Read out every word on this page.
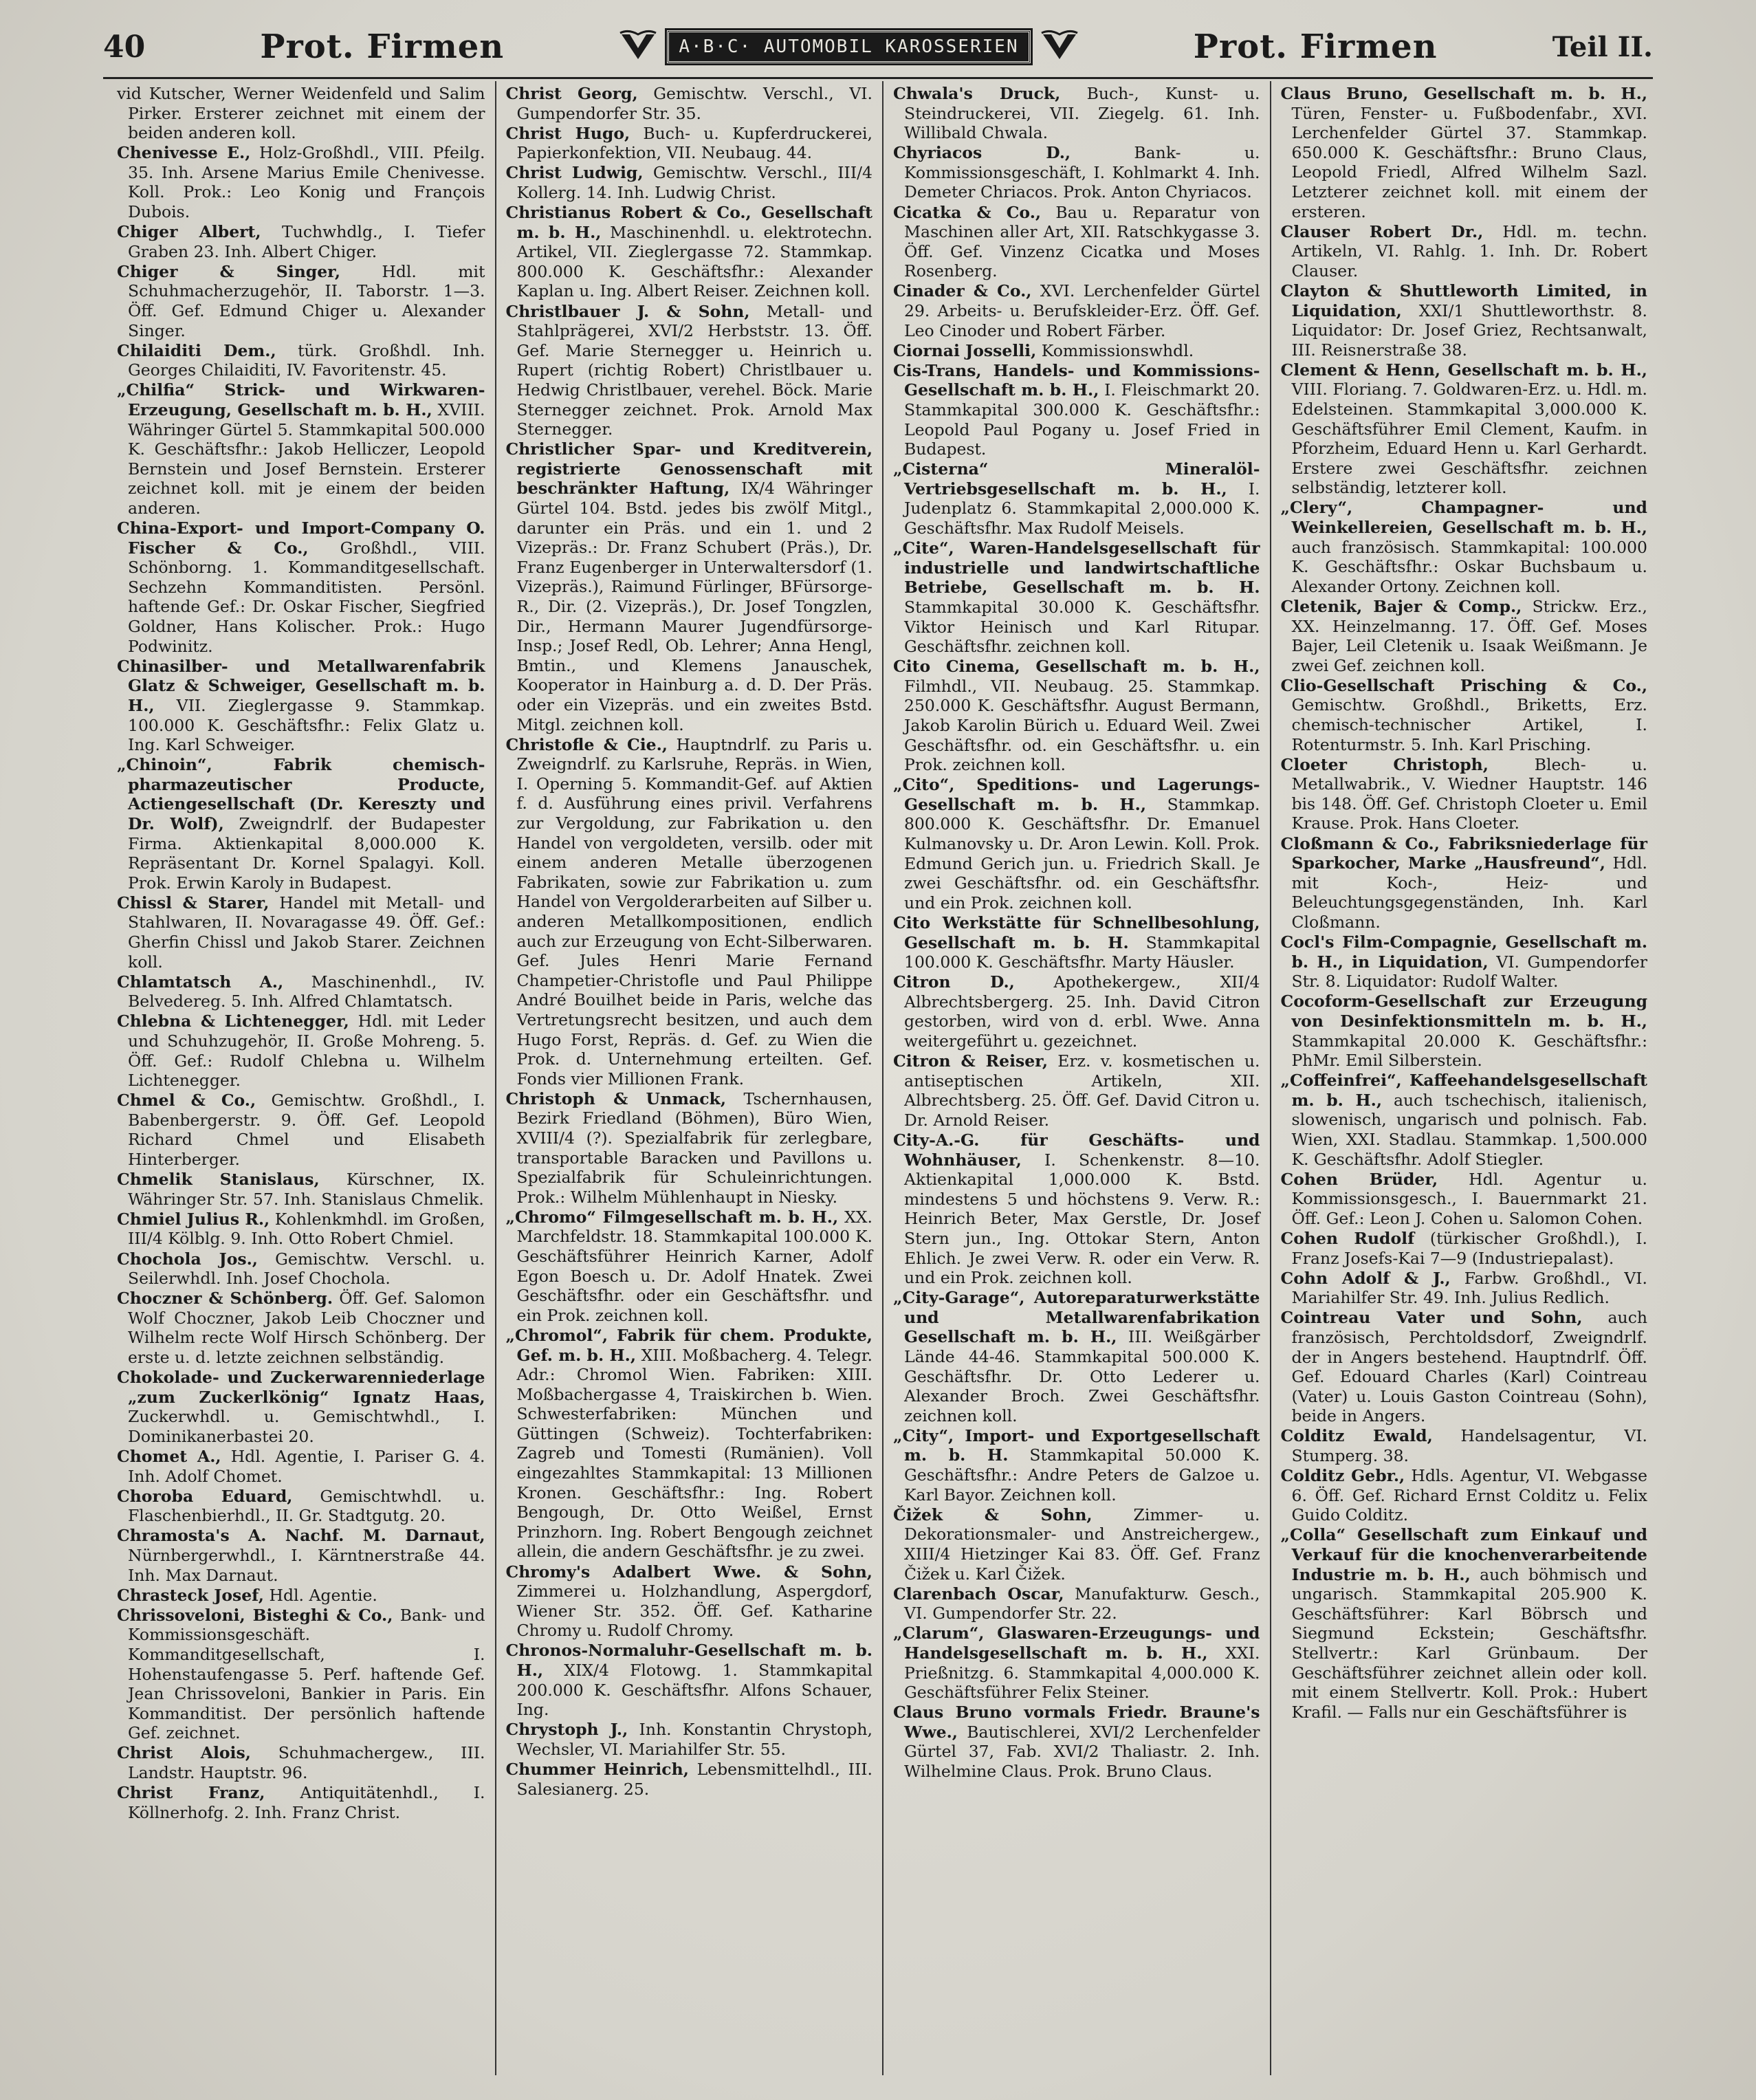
40	Prot. Firmen	A·B·C· AUTOMOBIL KAROSSERIEN	Prot. Firmen	Teil II.

vid Kutscher, Werner Weidenfeld und Salim Pirker. Ersterer zeichnet mit einem der beiden anderen koll.

Chenivesse E., Holz-Großhdl., VIII. Pfeilg. 35. Inh. Arsene Marius Emile Chenivesse. Koll. Prok.: Leo Konig und François Dubois.

Chiger Albert, Tuchwhdlg., I. Tiefer Graben 23. Inh. Albert Chiger.

Chiger & Singer,	Hdl. mit Schuhmacherzugehör, II. Taborstr. 1—3. Öff. Gef. Edmund Chiger u. Alexander Singer.

Chilaiditi Dem., türk. Großhdl. Inh. Georges Chilaiditi, IV. Favoritenstr. 45.

„Chilfia“ Strick- und Wirkwaren-Erzeugung, Gesellschaft m. b. H., XVIII. Währinger Gürtel 5. Stammkapital 500.000 K. Geschäftsfhr.: Jakob Helliczer, Leopold Bernstein und Josef Bernstein. Ersterer zeichnet koll. mit je einem der beiden anderen.

China-Export- und Import-Company O. Fischer & Co., Großhdl., VIII. Schönborng. 1. Kommanditgesellschaft. Sechzehn Kommanditisten. Persönl. haftende Gef.: Dr. Oskar Fischer, Siegfried Goldner, Hans Kolischer. Prok.: Hugo Podwinitz.

Chinasilber- und Metallwarenfabrik Glatz & Schweiger, Gesellschaft m. b. H., VII. Zieglergasse 9. Stammkap. 100.000 K. Geschäftsfhr.: Felix Glatz u. Ing. Karl Schweiger.

„Chinoin“, Fabrik chemisch-pharmazeutischer Producte, Actiengesellschaft (Dr. Kereszty und Dr. Wolf), Zweigndrlf. der Budapester Firma. Aktienkapital 8,000.000 K. Repräsentant Dr. Kornel Spalagyi. Koll. Prok. Erwin Karoly in Budapest.

Chissl & Starer, Handel mit Metall- und Stahlwaren, II. Novaragasse 49. Öff. Gef.: Gherfin Chissl und Jakob Starer. Zeichnen koll.

Chlamtatsch A., Maschinenhdl., IV. Belvedereg. 5. Inh. Alfred Chlamtatsch.

Chlebna & Lichtenegger, Hdl. mit Leder und Schuhzugehör, II. Große Mohreng. 5. Öff. Gef.: Rudolf Chlebna u. Wilhelm Lichtenegger.

Chmel & Co., Gemischtw. Großhdl., I. Babenbergerstr. 9. Öff. Gef. Leopold Richard Chmel und Elisabeth Hinterberger.

Chmelik Stanislaus, Kürschner, IX. Währinger Str. 57. Inh. Stanislaus Chmelik.

Chmiel Julius R., Kohlenkmhdl. im Großen, III/4 Kölblg. 9. Inh. Otto Robert Chmiel.

Chochola Jos., Gemischtw. Verschl. u. Seilerwhdl. Inh. Josef Chochola.

Choczner & Schönberg. Öff. Gef. Salomon Wolf Choczner, Jakob Leib Choczner und Wilhelm recte Wolf Hirsch Schönberg. Der erste u. d. letzte zeichnen selbständig.

Chokolade- und Zuckerwarenniederlage „zum Zuckerlkönig“ Ignatz Haas, Zuckerwhdl. u. Gemischtwhdl., I. Dominikanerbastei 20.

Chomet A., Hdl. Agentie, I. Pariser G. 4. Inh. Adolf Chomet.

Choroba Eduard, Gemischtwhdl. u. Flaschenbierhdl., II. Gr. Stadtgutg. 20.

Chramosta's A. Nachf. M. Darnaut, Nürnbergerwhdl., I. Kärntnerstraße 44. Inh. Max Darnaut.

Chrasteck Josef, Hdl. Agentie.

Chrissoveloni, Bisteghi & Co., Bank- und Kommissionsgeschäft. Kommanditgesellschaft, I. Hohenstaufengasse 5. Perf. haftende Gef. Jean Chrissoveloni, Bankier in Paris. Ein Kommanditist. Der persönlich haftende Gef. zeichnet.

Christ Alois, Schuhmachergew., III. Landstr. Hauptstr. 96.

Christ Franz, Antiquitätenhdl., I. Köllnerhofg. 2. Inh. Franz Christ.

Christ Georg, Gemischtw. Verschl., VI. Gumpendorfer Str. 35.

Christ Hugo, Buch- u. Kupferdruckerei, Papierkonfektion, VII. Neubaug. 44.

Christ Ludwig, Gemischtw. Verschl., III/4 Kollerg. 14. Inh. Ludwig Christ.

Christianus Robert & Co., Gesellschaft m. b. H., Maschinenhdl. u. elektrotechn. Artikel, VII. Zieglergasse 72. Stammkap. 800.000 K. Geschäftsfhr.: Alexander Kaplan u. Ing. Albert Reiser. Zeichnen koll.

Christlbauer J. & Sohn, Metall- und Stahlprägerei, XVI/2 Herbststr. 13. Öff. Gef. Marie Sternegger u. Heinrich u. Rupert (richtig Robert) Christlbauer u. Hedwig Christlbauer, verehel. Böck. Marie Sternegger zeichnet. Prok. Arnold Max Sternegger.

Christlicher Spar- und Kreditverein, registrierte Genossenschaft mit beschränkter Haftung, IX/4 Währinger Gürtel 104. Bstd. jedes bis zwölf Mitgl., darunter ein Präs. und ein 1. und 2 Vizepräs.: Dr. Franz Schubert (Präs.), Dr. Franz Eugenberger in Unterwaltersdorf (1. Vizepräs.), Raimund Fürlinger, BFürsorge-R., Dir. (2. Vizepräs.), Dr. Josef Tongzlen, Dir., Hermann Maurer Jugendfürsorge-Insp.; Josef Redl, Ob. Lehrer; Anna Hengl, Bmtin., und Klemens Janauschek, Kooperator in Hainburg a. d. D. Der Präs. oder ein Vizepräs. und ein zweites Bstd. Mitgl. zeichnen koll.

Christofle & Cie., Hauptndrlf. zu Paris u. Zweigndrlf. zu Karlsruhe, Repräs. in Wien, I. Operning 5. Kommandit-Gef. auf Aktien f. d. Ausführung eines privil. Verfahrens zur Vergoldung, zur Fabrikation u. den Handel von vergoldeten, versilb. oder mit einem anderen Metalle überzogenen Fabrikaten, sowie zur Fabrikation u. zum Handel von Vergolderarbeiten auf Silber u. anderen Metallkompositionen, endlich auch zur Erzeugung von Echt-Silberwaren. Gef. Jules Henri Marie Fernand Champetier-Christofle und Paul Philippe André Bouilhet beide in Paris, welche das Vertretungsrecht besitzen, und auch dem Hugo Forst, Repräs. d. Gef. zu Wien die Prok. d. Unternehmung erteilten. Gef. Fonds vier Millionen Frank.

Christoph & Unmack, Tschernhausen, Bezirk Friedland (Böhmen), Büro Wien, XVIII/4 (?). Spezialfabrik für zerlegbare, transportable Baracken und Pavillons u. Spezialfabrik für Schuleinrichtungen. Prok.: Wilhelm Mühlenhaupt in Niesky.

„Chromo“ Filmgesellschaft m. b. H., XX. Marchfeldstr. 18. Stammkapital 100.000 K. Geschäftsführer Heinrich Karner, Adolf Egon Boesch u. Dr. Adolf Hnatek. Zwei Geschäftsfhr. oder ein Geschäftsfhr. und ein Prok. zeichnen koll.

„Chromol“, Fabrik für chem. Produkte, Gef. m. b. H., XIII. Moßbacherg. 4. Telegr. Adr.: Chromol Wien. Fabriken: XIII. Moßbachergasse 4, Traiskirchen b. Wien. Schwesterfabriken: München und Güttingen (Schweiz). Tochterfabriken: Zagreb und Tomesti (Rumänien). Voll eingezahltes Stammkapital: 13 Millionen Kronen. Geschäftsfhr.: Ing. Robert Bengough, Dr. Otto Weißel, Ernst Prinzhorn. Ing. Robert Bengough zeichnet allein, die andern Geschäftsfhr. je zu zwei.

Chromy's Adalbert Wwe. & Sohn, Zimmerei u. Holzhandlung, Aspergdorf, Wiener Str. 352. Öff. Gef. Katharine Chromy u. Rudolf Chromy.

Chronos-Normaluhr-Gesellschaft m. b. H., XIX/4 Flotowg. 1. Stammkapital 200.000 K. Geschäftsfhr. Alfons Schauer, Ing.

Chrystoph J., Inh. Konstantin Chrystoph, Wechsler, VI. Mariahilfer Str. 55.

Chummer Heinrich, Lebensmittelhdl., III. Salesianerg. 25.

Chwala's Druck, Buch-, Kunst- u. Steindruckerei, VII. Ziegelg. 61. Inh. Willibald Chwala.

Chyriacos D.,	Bank- u. Kommissionsgeschäft, I. Kohlmarkt 4. Inh. Demeter Chriacos. Prok. Anton Chyriacos.

Cicatka & Co., Bau u. Reparatur von Maschinen aller Art, XII. Ratschkygasse 3. Öff. Gef. Vinzenz Cicatka und Moses Rosenberg.

Cinader & Co., XVI. Lerchenfelder Gürtel 29. Arbeits- u. Berufskleider-Erz. Öff. Gef. Leo Cinoder und Robert Färber.

Ciornai Josselli, Kommissionswhdl.

Cis-Trans, Handels- und Kommissions-Gesellschaft m. b. H., I. Fleischmarkt 20. Stammkapital 300.000 K. Geschäftsfhr.: Leopold Paul Pogany u. Josef Fried in Budapest.

„Cisterna“ Mineralöl-Vertriebsgesellschaft m. b. H., I. Judenplatz 6. Stammkapital 2,000.000 K. Geschäftsfhr. Max Rudolf Meisels.

„Cite“, Waren-Handelsgesellschaft für industrielle und landwirtschaftliche Betriebe, Gesellschaft m. b. H. Stammkapital 30.000 K. Geschäftsfhr. Viktor Heinisch und Karl Ritupar. Geschäftsfhr. zeichnen koll.

Cito Cinema, Gesellschaft m. b. H., Filmhdl., VII. Neubaug. 25. Stammkap. 250.000 K. Geschäftsfhr. August Bermann, Jakob Karolin Bürich u. Eduard Weil. Zwei Geschäftsfhr. od. ein Geschäftsfhr. u. ein Prok. zeichnen koll.

„Cito“, Speditions- und Lagerungs-Gesellschaft m. b. H., Stammkap. 800.000 K. Geschäftsfhr. Dr. Emanuel Kulmanovsky u. Dr. Aron Lewin. Koll. Prok. Edmund Gerich jun. u. Friedrich Skall. Je zwei Geschäftsfhr. od. ein Geschäftsfhr. und ein Prok. zeichnen koll.

Cito Werkstätte für Schnellbesohlung, Gesellschaft m. b. H. Stammkapital 100.000 K. Geschäftsfhr. Marty Häusler.

Citron D., Apothekergew., XII/4 Albrechtsbergerg. 25. Inh. David Citron gestorben, wird von d. erbl. Wwe. Anna weitergeführt u. gezeichnet.

Citron & Reiser, Erz. v. kosmetischen u. antiseptischen Artikeln, XII. Albrechtsberg. 25. Öff. Gef. David Citron u. Dr. Arnold Reiser.

City-A.-G. für Geschäfts- und Wohnhäuser, I. Schenkenstr. 8—10. Aktienkapital 1,000.000 K. Bstd. mindestens 5 und höchstens 9. Verw. R.: Heinrich Beter, Max Gerstle, Dr. Josef Stern jun., Ing. Ottokar Stern, Anton Ehlich. Je zwei Verw. R. oder ein Verw. R. und ein Prok. zeichnen koll.

„City-Garage“, Autoreparaturwerkstätte und Metallwarenfabrikation Gesellschaft m. b. H., III. Weißgärber Lände 44-46. Stammkapital 500.000 K. Geschäftsfhr. Dr. Otto Lederer u. Alexander Broch. Zwei Geschäftsfhr. zeichnen koll.

„City“, Import- und Exportgesellschaft m. b. H. Stammkapital 50.000 K. Geschäftsfhr.: Andre Peters de Galzoe u. Karl Bayor. Zeichnen koll.

Čižek & Sohn,	Zimmer- u. Dekorationsmaler- und Anstreichergew., XIII/4 Hietzinger Kai 83. Öff. Gef. Franz Čižek u. Karl Čižek.

Clarenbach Oscar, Manufakturw. Gesch., VI. Gumpendorfer Str. 22.

„Clarum“, Glaswaren-Erzeugungs- und Handelsgesellschaft m. b. H., XXI. Prießnitzg. 6. Stammkapital 4,000.000 K. Geschäftsführer Felix Steiner.

Claus Bruno vormals Friedr. Braune's Wwe., Bautischlerei, XVI/2 Lerchenfelder Gürtel 37, Fab. XVI/2 Thaliastr. 2. Inh. Wilhelmine Claus. Prok. Bruno Claus.

Claus Bruno, Gesellschaft m. b. H., Türen, Fenster- u. Fußbodenfabr., XVI. Lerchenfelder Gürtel 37. Stammkap. 650.000 K. Geschäftsfhr.: Bruno Claus, Leopold Friedl, Alfred Wilhelm Sazl. Letzterer zeichnet koll. mit einem der ersteren.

Clauser Robert Dr., Hdl. m. techn. Artikeln, VI. Rahlg. 1. Inh. Dr. Robert Clauser.

Clayton & Shuttleworth Limited, in Liquidation, XXI/1 Shuttleworthstr. 8. Liquidator: Dr. Josef Griez, Rechtsanwalt, III. Reisnerstraße 38.

Clement & Henn, Gesellschaft m. b. H., VIII. Floriang. 7. Goldwaren-Erz. u. Hdl. m. Edelsteinen. Stammkapital 3,000.000 K. Geschäftsführer Emil Clement, Kaufm. in Pforzheim, Eduard Henn u. Karl Gerhardt. Erstere zwei Geschäftsfhr. zeichnen selbständig, letzterer koll.

„Clery“, Champagner- und Weinkellereien, Gesellschaft m. b. H., auch französisch. Stammkapital: 100.000 K. Geschäftsfhr.: Oskar Buchsbaum u. Alexander Ortony. Zeichnen koll.

Cletenik, Bajer & Comp., Strickw. Erz., XX. Heinzelmanng. 17. Öff. Gef. Moses Bajer, Leil Cletenik u. Isaak Weißmann. Je zwei Gef. zeichnen koll.

Clio-Gesellschaft Prisching & Co., Gemischtw. Großhdl., Briketts, Erz. chemisch-technischer Artikel, I. Rotenturmstr. 5. Inh. Karl Prisching.

Cloeter Christoph,	Blech- u. Metallwabrik., V. Wiedner Hauptstr. 146 bis 148. Öff. Gef. Christoph Cloeter u. Emil Krause. Prok. Hans Cloeter.

Cloßmann & Co., Fabriksniederlage für Sparkocher, Marke „Hausfreund“, Hdl. mit Koch-, Heiz- und Beleuchtungsgegenständen, Inh. Karl Cloßmann.

Cocl's Film-Compagnie, Gesellschaft m. b. H., in Liquidation, VI. Gumpendorfer Str. 8. Liquidator: Rudolf Walter.

Cocoform-Gesellschaft zur Erzeugung von Desinfektionsmitteln m. b. H., Stammkapital 20.000 K. Geschäftsfhr.: PhMr. Emil Silberstein.

„Coffeinfrei“, Kaffeehandelsgesellschaft m. b. H., auch tschechisch, italienisch, slowenisch, ungarisch und polnisch. Fab. Wien, XXI. Stadlau. Stammkap. 1,500.000 K. Geschäftsfhr. Adolf Stiegler.

Cohen Brüder, Hdl. Agentur u. Kommissionsgesch., I. Bauernmarkt 21. Öff. Gef.: Leon J. Cohen u. Salomon Cohen.

Cohen Rudolf (türkischer Großhdl.), I. Franz Josefs-Kai 7—9 (Industriepalast).

Cohn Adolf & J., Farbw. Großhdl., VI. Mariahilfer Str. 49. Inh. Julius Redlich.

Cointreau Vater und Sohn, auch französisch, Perchtoldsdorf, Zweigndrlf. der in Angers bestehend. Hauptndrlf. Öff. Gef. Edouard Charles (Karl) Cointreau (Vater) u. Louis Gaston Cointreau (Sohn), beide in Angers.

Colditz Ewald, Handelsagentur, VI. Stumperg. 38.

Colditz Gebr., Hdls. Agentur, VI. Webgasse 6. Öff. Gef. Richard Ernst Colditz u. Felix Guido Colditz.

„Colla“ Gesellschaft zum Einkauf und Verkauf für die knochenverarbeitende Industrie m. b. H., auch böhmisch und ungarisch. Stammkapital 205.900 K. Geschäftsführer: Karl Böbrsch und Siegmund Eckstein; Geschäftsfhr. Stellvertr.: Karl Grünbaum. Der Geschäftsführer zeichnet allein oder koll. mit einem Stellvertr. Koll. Prok.: Hubert Krafil. — Falls nur ein Geschäftsführer is
